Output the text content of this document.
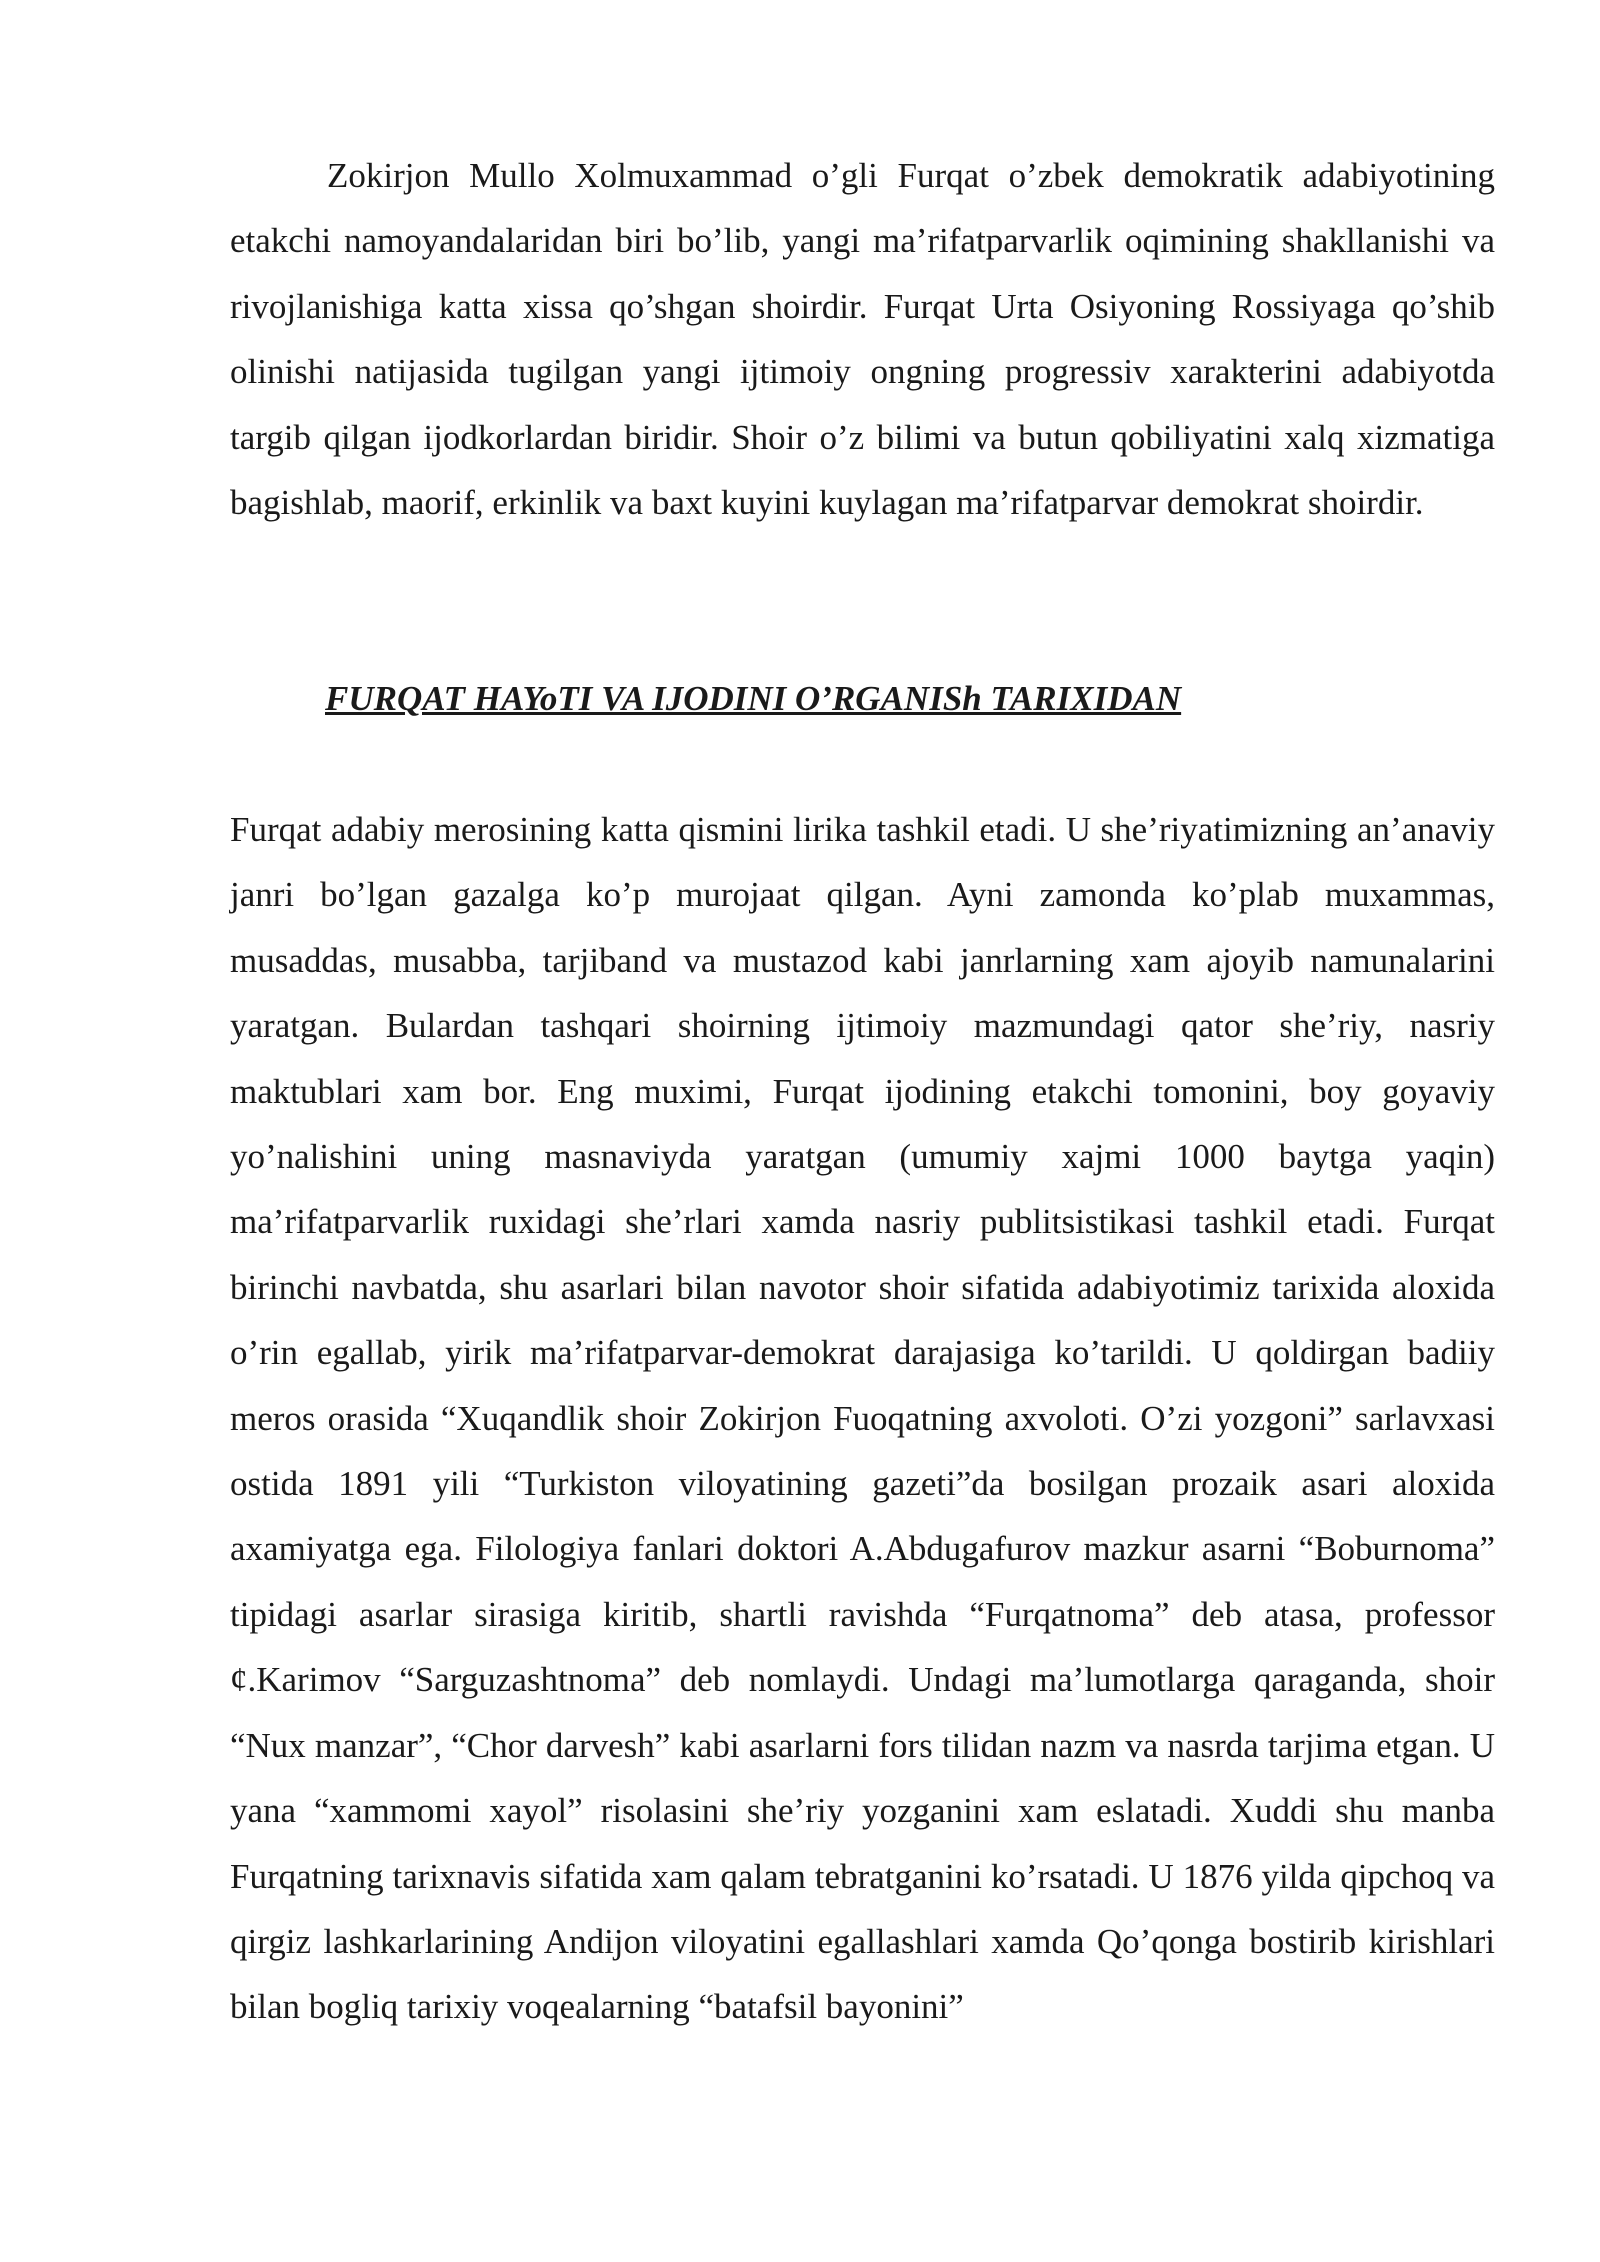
Zokirjon Mullo Xolmuxammad o’gli Furqat o’zbek demokratik adabiyotining etakchi namoyandalaridan biri bo’lib, yangi ma’rifatparvarlik oqimining shakllanishi va rivojlanishiga katta xissa qo’shgan shoirdir. Furqat Urta Osiyoning Rossiyaga qo’shib olinishi natijasida tugilgan yangi ijtimoiy ongning progressiv xarakterini adabiyotda targib qilgan ijodkorlardan biridir. Shoir o’z bilimi va butun qobiliyatini xalq xizmatiga bagishlab, maorif, erkinlik va baxt kuyini kuylagan ma’rifatparvar demokrat shoirdir.

FURQAT HAYoTI VA IJODINI O’RGANISh TARIXIDAN

Furqat adabiy merosining katta qismini lirika tashkil etadi. U she’riyatimizning an’anaviy janri bo’lgan gazalga ko’p murojaat qilgan. Ayni zamonda ko’plab muxammas, musaddas, musabba, tarjiband va mustazod kabi janrlarning xam ajoyib namunalarini yaratgan. Bulardan tashqari shoirning ijtimoiy mazmundagi qator she’riy, nasriy maktublari xam bor. Eng muximi, Furqat ijodining etakchi tomonini, boy goyaviy yo’nalishini uning masnaviyda yaratgan (umumiy xajmi 1000 baytga yaqin) ma’rifatparvarlik ruxidagi she’rlari xamda nasriy publitsistikasi tashkil etadi. Furqat birinchi navbatda, shu asarlari bilan navotor shoir sifatida adabiyotimiz tarixida aloxida o’rin egallab, yirik ma’rifatparvar-demokrat darajasiga ko’tarildi. U qoldirgan badiiy meros orasida “Xuqandlik shoir Zokirjon Fuoqatning axvoloti. O’zi yozgoni” sarlavxasi ostida 1891 yili “Turkiston viloyatining gazeti”da bosilgan prozaik asari aloxida axamiyatga ega. Filologiya fanlari doktori A.Abdugafurov mazkur asarni “Boburnoma” tipidagi asarlar sirasiga kiritib, shartli ravishda “Furqatnoma” deb atasa, professor ¢.Karimov “Sarguzashtnoma” deb nomlaydi. Undagi ma’lumotlarga qaraganda, shoir “Nux manzar”, “Chor darvesh” kabi asarlarni fors tilidan nazm va nasrda tarjima etgan. U yana “xammomi xayol” risolasini she’riy yozganini xam eslatadi. Xuddi shu manba Furqatning tarixnavis sifatida xam qalam tebratganini ko’rsatadi. U 1876 yilda qipchoq va qirgiz lashkarlarining Andijon viloyatini egallashlari xamda Qo’qonga bostirib kirishlari bilan bogliq tarixiy voqealarning “batafsil bayonini”
